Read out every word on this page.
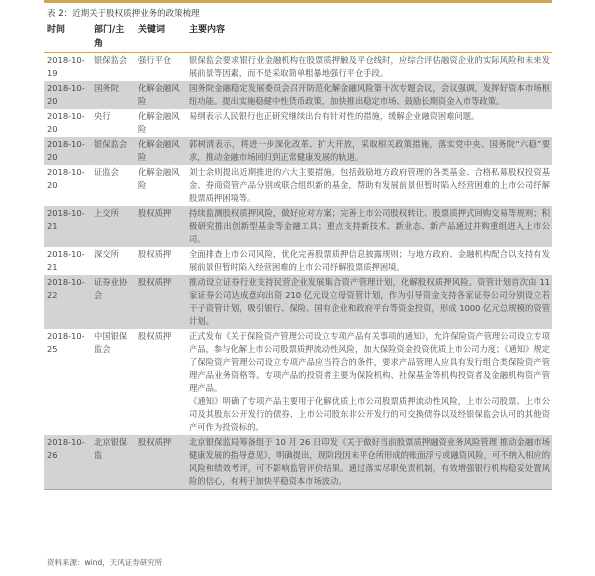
表 2：近期关于股权质押业务的政策梳理
时间	部门/主角	关键词	主要内容
2018-10-19	银保监会	强行平仓	银保监会要求银行业金融机构在股票质押触及平仓线时，应综合评估融资企业的实际风险和未来发展前景等因素，而不是采取简单粗暴地强行平仓手段。
2018-10-20	国务院	化解金融风险	国务院金融稳定发展委员会召开防范化解金融风险第十次专题会议，会议强调，发挥好资本市场枢纽功能。提出实施稳健中性货币政策，加快推出稳定市场、鼓励长期资金入市等政策。
2018-10-20	央行	化解金融风险	易纲表示人民银行也正研究继续出台有针对性的措施，缓解企业融资困难问题。
2018-10-20	银保监会	化解金融风险	郭树清表示，将进一步深化改革、扩大开放，采取相关政策措施，落实党中央、国务院“六稳”要求，推动金融市场回归到正常健康发展的轨道。
2018-10-20	证监会	化解金融风险	刘士余则提出近期推进的六大主要措施，包括鼓励地方政府管理的各类基金、合格私募股权投资基金、券商资管产品分别或联合组织新的基金，帮助有发展前景但暂时陷入经营困难的上市公司纾解股票质押困境等。
2018-10-21	上交所	股权质押	持续监测股权质押风险，做好应对方案；完善上市公司股权转让、股票质押式回购交易等规则；积极研究推出创新型基金等金融工具；重点支持新技术、新业态、新产品通过并购重组进入上市公司。
2018-10-21	深交所	股权质押	全面排查上市公司风险，优化完善股票质押信息披露规则；与地方政府、金融机构配合以支持有发展前景但暂时陷入经营困难的上市公司纾解股票质押困境。
2018-10-22	证券业协会	股权质押	推动设立证券行业支持民营企业发展集合资产管理计划，化解股权质押风险。资管计划首次由 11 家证券公司达成意向出资 210 亿元设立母资管计划，作为引导资金支持各家证券公司分别设立若干子资管计划，吸引银行、保险、国有企业和政府平台等资金投资，形成 1000 亿元总规模的资管计划。
2018-10-25	中国银保监会	股权质押	正式发布《关于保险资产管理公司设立专项产品有关事项的通知》，允许保险资产管理公司设立专项产品，参与化解上市公司股票质押流动性风险，加大保险资金投资优质上市公司力度；《通知》规定了保险资产管理公司设立专项产品应当符合的条件，要求产品管理人应具有发行组合类保险资产管理产品业务资格等。专项产品的投资者主要为保险机构、社保基金等机构投资者及金融机构资产管理产品。
《通知》明确了专项产品主要用于化解优质上市公司股票质押流动性风险，上市公司股票、上市公司及其股东公开发行的债券、上市公司股东非公开发行的可交换债券以及经银保监会认可的其他资产可作为投资标的。

2018-10-26	北京银保监	股权质押	北京银保监局筹备组于 10 月 26 日印发《关于做好当前股票质押融资业务风险管理 推动金融市场健康发展的指导意见》，明确提出，现阶段因未平仓所形成的账面浮亏或融资风险，可不纳入相应的风险和绩效考评，可不影响监管评价结果。通过落实尽职免责机制，有效增强银行机构稳妥处置风险的信心，有利于加快平稳资本市场波动。
资料来源：wind，天风证券研究所
